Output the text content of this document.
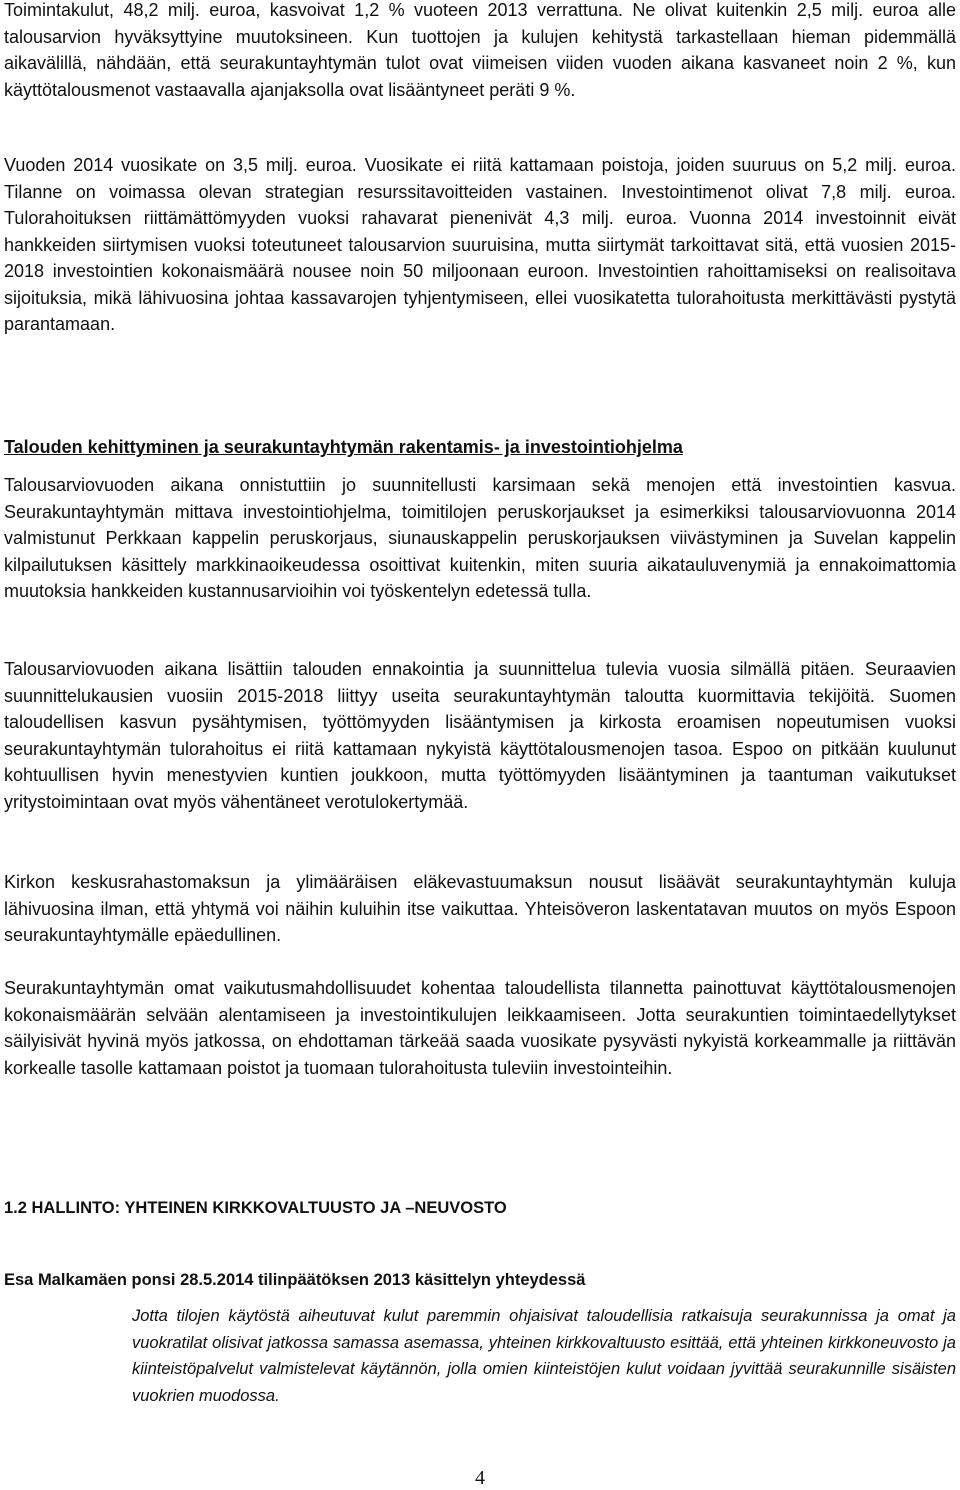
Toimintakulut, 48,2 milj. euroa, kasvoivat 1,2 % vuoteen 2013 verrattuna. Ne olivat kuitenkin 2,5 milj. euroa alle talousarvion hyväksyttyine muutoksineen. Kun tuottojen ja kulujen kehitystä tarkastellaan hieman pidemmällä aikavälillä, nähdään, että seurakuntayhtymän tulot ovat viimeisen viiden vuoden aikana kasvaneet noin 2 %, kun käyttötalousmenot vastaavalla ajanjaksolla ovat lisääntyneet peräti 9 %.

Vuoden 2014 vuosikate on 3,5 milj. euroa. Vuosikate ei riitä kattamaan poistoja, joiden suuruus on 5,2 milj. euroa. Tilanne on voimassa olevan strategian resurssitavoitteiden vastainen. Investointimenot olivat 7,8 milj. euroa. Tulorahoituksen riittämättömyyden vuoksi rahavarat pienenivät 4,3 milj. euroa. Vuonna 2014 investoinnit eivät hankkeiden siirtymisen vuoksi toteutuneet talousarvion suuruisina, mutta siirtymät tarkoittavat sitä, että vuosien 2015-2018 investointien kokonaismäärä nousee noin 50 miljoonaan euroon. Investointien rahoittamiseksi on realisoitava sijoituksia, mikä lähivuosina johtaa kassavarojen tyhjentymiseen, ellei vuosikatetta tulorahoitusta merkittävästi pystytä parantamaan.

Talouden kehittyminen ja seurakuntayhtymän rakentamis- ja investointiohjelma

Talousarviovuoden aikana onnistuttiin jo suunnitellusti karsimaan sekä menojen että investointien kasvua. Seurakuntayhtymän mittava investointiohjelma, toimitilojen peruskorjaukset ja esimerkiksi talousarviovuonna 2014 valmistunut Perkkaan kappelin peruskorjaus, siunauskappelin peruskorjauksen viivästyminen ja Suvelan kappelin kilpailutuksen käsittely markkinaoikeudessa osoittivat kuitenkin, miten suuria aikatauluvenymiä ja ennakoimattomia muutoksia hankkeiden kustannusarvioihin voi työskentelyn edetessä tulla.

Talousarviovuoden aikana lisättiin talouden ennakointia ja suunnittelua tulevia vuosia silmällä pitäen. Seuraavien suunnittelukausien vuosiin 2015-2018 liittyy useita seurakuntayhtymän taloutta kuormittavia tekijöitä. Suomen taloudellisen kasvun pysähtymisen, työttömyyden lisääntymisen ja kirkosta eroamisen nopeutumisen vuoksi seurakuntayhtymän tulorahoitus ei riitä kattamaan nykyistä käyttötalousmenojen tasoa. Espoo on pitkään kuulunut kohtuullisen hyvin menestyvien kuntien joukkoon, mutta työttömyyden lisääntyminen ja taantuman vaikutukset yritystoimintaan ovat myös vähentäneet verotulokertymää.

Kirkon keskusrahastomaksun ja ylimääräisen eläkevastuumaksun nousut lisäävät seurakuntayhtymän kuluja lähivuosina ilman, että yhtymä voi näihin kuluihin itse vaikuttaa. Yhteisöveron laskentatavan muutos on myös Espoon seurakuntayhtymälle epäedullinen.

Seurakuntayhtymän omat vaikutusmahdollisuudet kohentaa taloudellista tilannetta painottuvat käyttötalousmenojen kokonaismäärän selvään alentamiseen ja investointikulujen leikkaamiseen. Jotta seurakuntien toimintaedellytykset säilyisivät hyvinä myös jatkossa, on ehdottaman tärkeää saada vuosikate pysyvästi nykyistä korkeammalle ja riittävän korkealle tasolle kattamaan poistot ja tuomaan tulorahoitusta tuleviin investointeihin.

1.2 HALLINTO: YHTEINEN KIRKKOVALTUUSTO JA –NEUVOSTO
Esa Malkamäen ponsi 28.5.2014 tilinpäätöksen 2013 käsittelyn yhteydessä

Jotta tilojen käytöstä aiheutuvat kulut paremmin ohjaisivat taloudellisia ratkaisuja seurakunnissa ja omat ja vuokratilat olisivat jatkossa samassa asemassa, yhteinen kirkkovaltuusto esittää, että yhteinen kirkkoneuvosto ja kiinteistöpalvelut valmistelevat käytännön, jolla omien kiinteistöjen kulut voidaan jyvittää seurakunnille sisäisten vuokrien muodossa.

4
